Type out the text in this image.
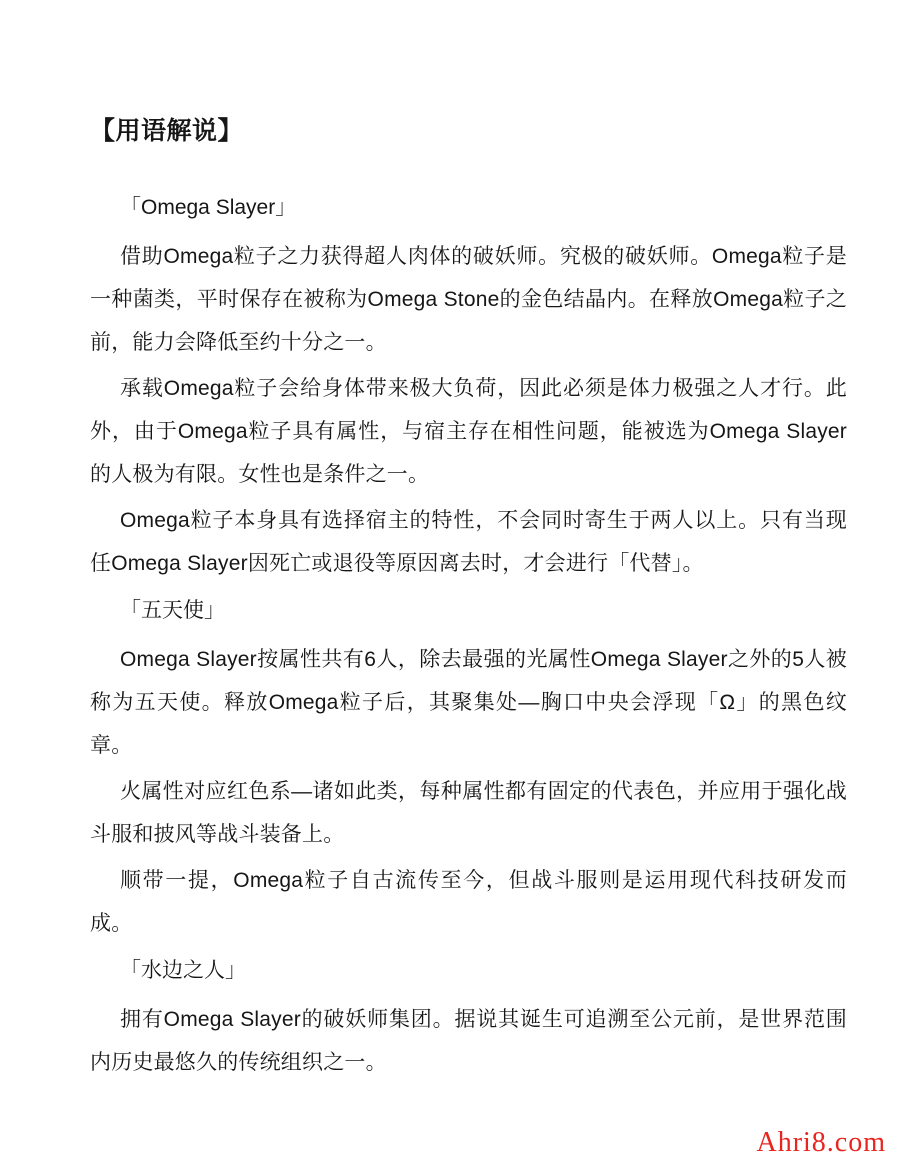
【用语解说】
「Omega Slayer」

借助Omega粒子之力获得超人肉体的破妖师。究极的破妖师。Omega粒子是一种菌类，平时保存在被称为Omega Stone的金色结晶内。在释放Omega粒子之前，能力会降低至约十分之一。

承载Omega粒子会给身体带来极大负荷，因此必须是体力极强之人才行。此外，由于Omega粒子具有属性，与宿主存在相性问题，能被选为Omega Slayer的人极为有限。女性也是条件之一。

Omega粒子本身具有选择宿主的特性，不会同时寄生于两人以上。只有当现任Omega Slayer因死亡或退役等原因离去时，才会进行「代替」。

「五天使」

Omega Slayer按属性共有6人，除去最强的光属性Omega Slayer之外的5人被称为五天使。释放Omega粒子后，其聚集处—胸口中央会浮现「Ω」的黑色纹章。

火属性对应红色系—诸如此类，每种属性都有固定的代表色，并应用于强化战斗服和披风等战斗装备上。

顺带一提，Omega粒子自古流传至今，但战斗服则是运用现代科技研发而成。

「水边之人」

拥有Omega Slayer的破妖师集团。据说其诞生可追溯至公元前，是世界范围内历史最悠久的传统组织之一。

Ahri8.com
